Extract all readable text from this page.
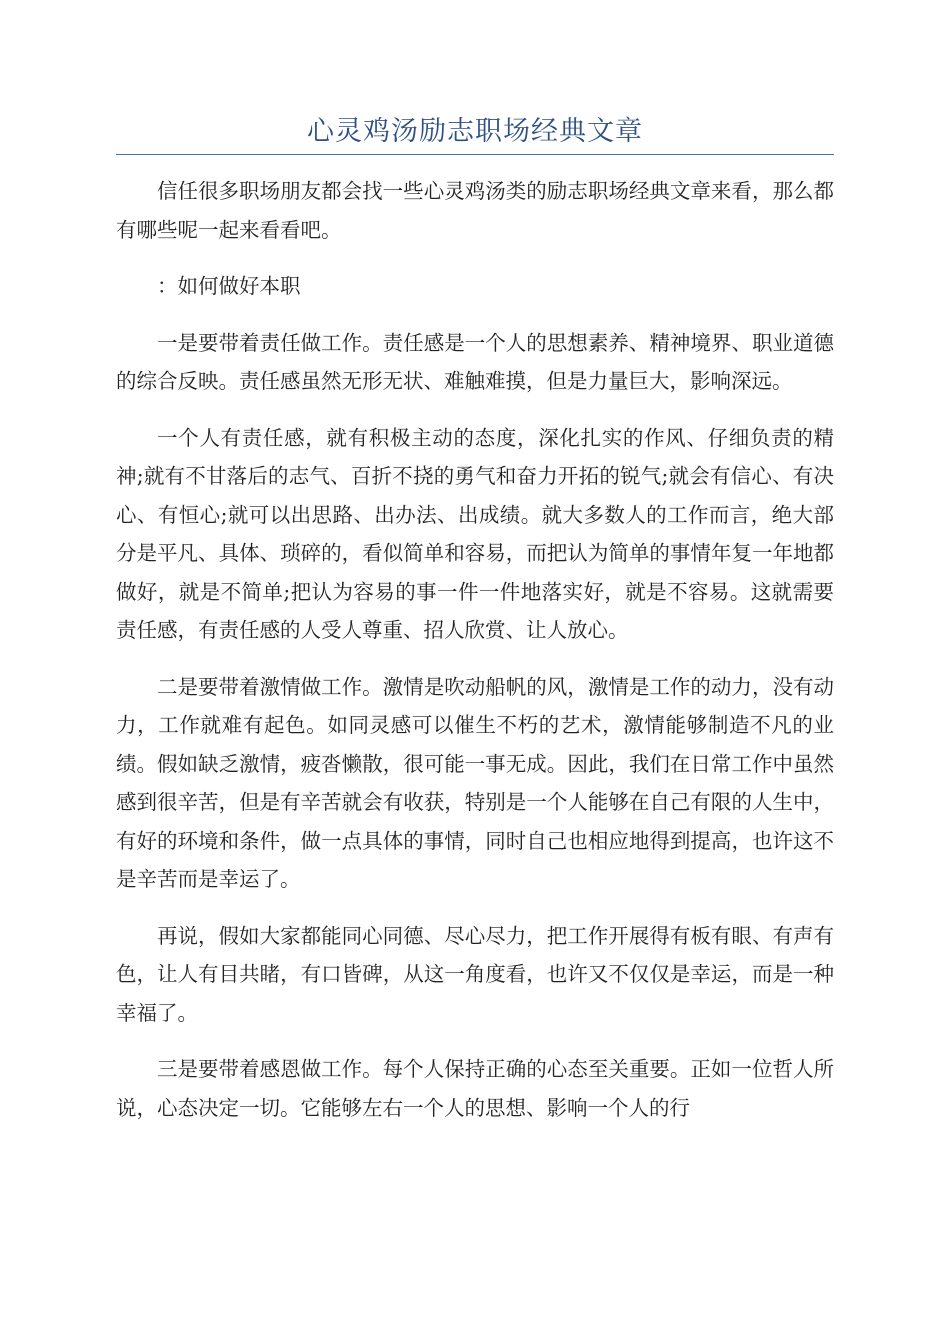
心灵鸡汤励志职场经典文章

信任很多职场朋友都会找一些心灵鸡汤类的励志职场经典文章来看，那么都有哪些呢一起来看看吧。

：如何做好本职

一是要带着责任做工作。责任感是一个人的思想素养、精神境界、职业道德的综合反映。责任感虽然无形无状、难触难摸，但是力量巨大，影响深远。

一个人有责任感，就有积极主动的态度，深化扎实的作风、仔细负责的精神;就有不甘落后的志气、百折不挠的勇气和奋力开拓的锐气;就会有信心、有决心、有恒心;就可以出思路、出办法、出成绩。就大多数人的工作而言，绝大部分是平凡、具体、琐碎的，看似简单和容易，而把认为简单的事情年复一年地都做好，就是不简单;把认为容易的事一件一件地落实好，就是不容易。这就需要责任感，有责任感的人受人尊重、招人欣赏、让人放心。

二是要带着激情做工作。激情是吹动船帆的风，激情是工作的动力，没有动力，工作就难有起色。如同灵感可以催生不朽的艺术，激情能够制造不凡的业绩。假如缺乏激情，疲沓懒散，很可能一事无成。因此，我们在日常工作中虽然感到很辛苦，但是有辛苦就会有收获，特别是一个人能够在自己有限的人生中，有好的环境和条件，做一点具体的事情，同时自己也相应地得到提高，也许这不是辛苦而是幸运了。

再说，假如大家都能同心同德、尽心尽力，把工作开展得有板有眼、有声有色，让人有目共睹，有口皆碑，从这一角度看，也许又不仅仅是幸运，而是一种幸福了。

三是要带着感恩做工作。每个人保持正确的心态至关重要。正如一位哲人所说，心态决定一切。它能够左右一个人的思想、影响一个人的行
